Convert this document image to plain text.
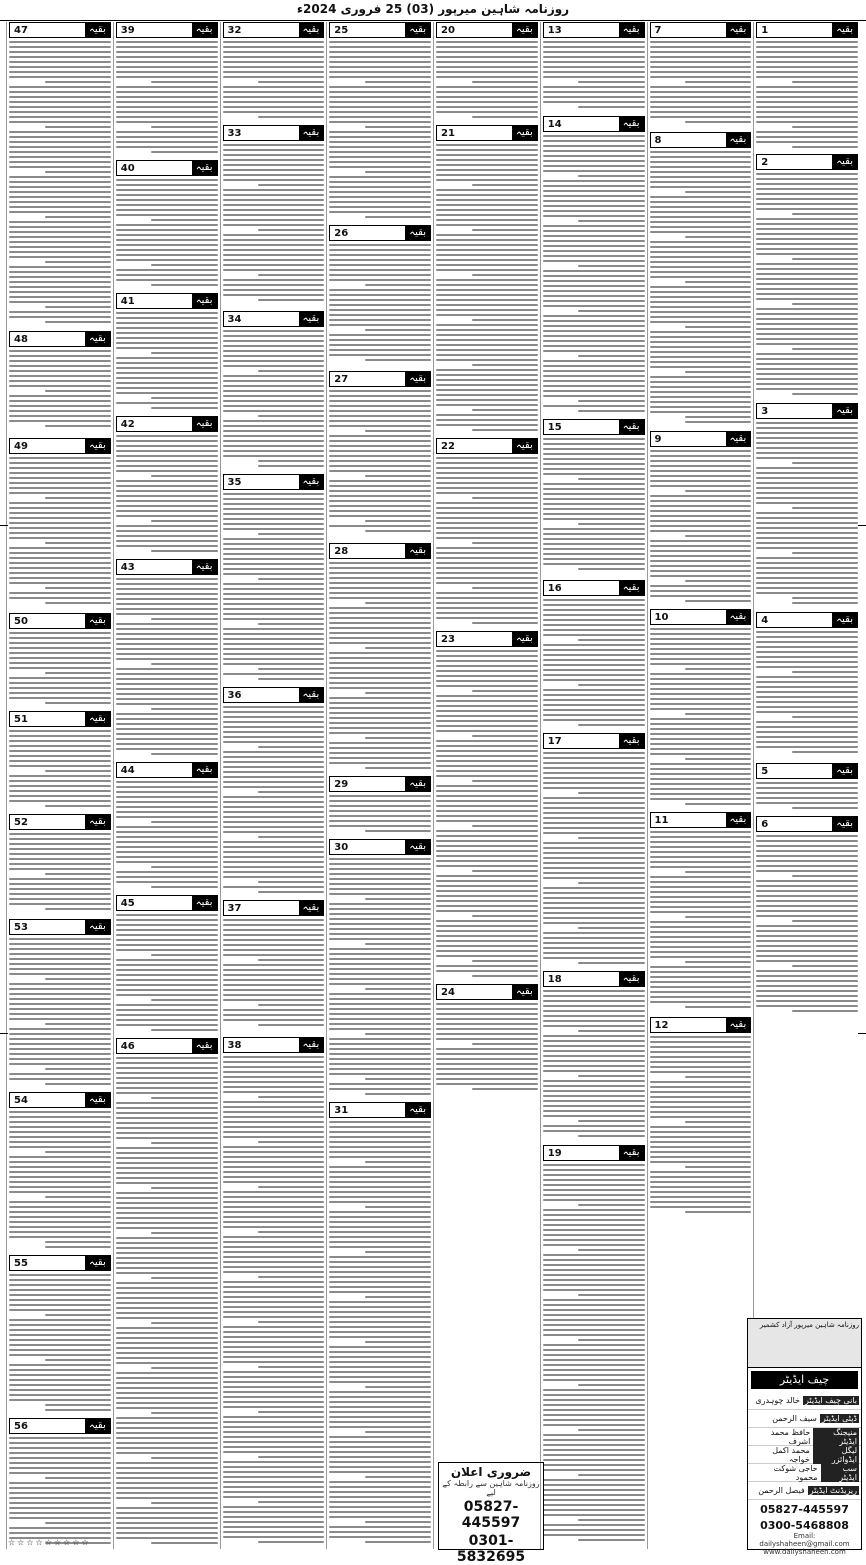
روزنامہ شاہین میرپور (03) 25 فروری 2024ء
بقیہ
1
بقیہ
2
بقیہ
3
بقیہ
4
بقیہ
5
بقیہ
6
بقیہ
7
بقیہ
8
بقیہ
9
بقیہ
10
بقیہ
11
بقیہ
12
بقیہ
13
بقیہ
14
بقیہ
15
بقیہ
16
بقیہ
17
بقیہ
18
بقیہ
19
بقیہ
20
بقیہ
21
بقیہ
22
بقیہ
23
بقیہ
24
بقیہ
25
بقیہ
26
بقیہ
27
بقیہ
28
بقیہ
29
بقیہ
30
بقیہ
31
بقیہ
32
بقیہ
33
بقیہ
34
بقیہ
35
بقیہ
36
بقیہ
37
بقیہ
38
بقیہ
39
بقیہ
40
بقیہ
41
بقیہ
42
بقیہ
43
بقیہ
44
بقیہ
45
بقیہ
46
بقیہ
47
بقیہ
48
بقیہ
49
بقیہ
50
بقیہ
51
بقیہ
52
بقیہ
53
بقیہ
54
بقیہ
55
بقیہ
56
ضروری اعلان
روزنامہ شاہین سے رابطہ کے لیے
05827-445597
0301-5832695
روزنامہ شاہین میرپور آزاد کشمیر
چیف ایڈیٹر
بانی چیف ایڈیٹر
خالد چوہدری
ڈپٹی ایڈیٹر
سیف الرحمن
منیجنگ ایڈیٹر
حافظ محمد اشرف
لیگل ایڈوائزر
محمد اکمل خواجہ
سب ایڈیٹر
حاجی شوکت محمود
ریزیڈنٹ ایڈیٹر
فیصل الرحمن
05827-445597
0300-5468808
Email: dailyshaheen@gmail.com
www.dailyshaheen.com
☆☆☆☆☆☆☆☆☆
